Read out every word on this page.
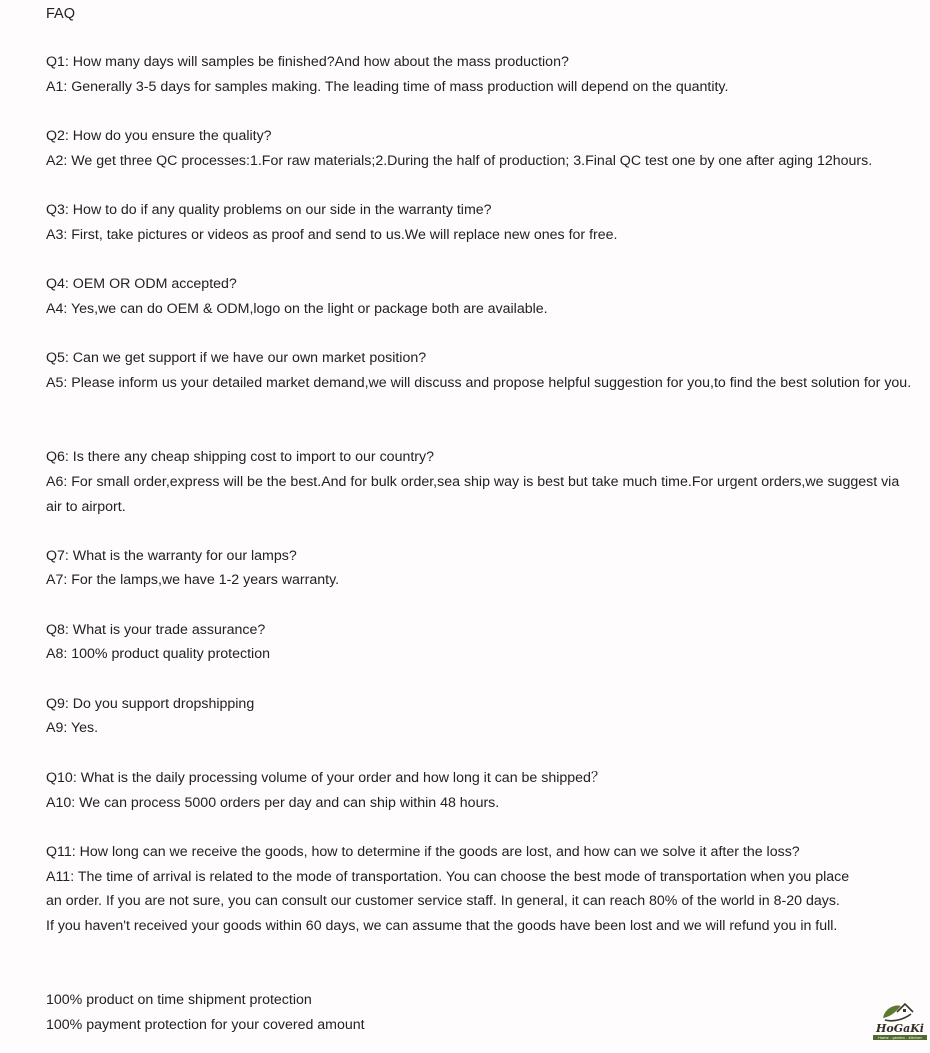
FAQ
Q1: How many days will samples be finished?And how about the mass production?
A1: Generally 3-5 days for samples making. The leading time of mass production will depend on the quantity.
Q2: How do you ensure the quality?
A2: We get three QC processes:1.For raw materials;2.During the half of production; 3.Final QC test one by one after aging 12hours.
Q3: How to do if any quality problems on our side in the warranty time?
A3: First, take pictures or videos as proof and send to us.We will replace new ones for free.
Q4: OEM OR ODM accepted?
A4: Yes,we can do OEM & ODM,logo on the light or package both are available.
Q5: Can we get support if we have our own market position?
A5: Please inform us your detailed market demand,we will discuss and propose helpful suggestion for you,to find the best solution for you.
Q6: Is there any cheap shipping cost to import to our country?
A6: For small order,express will be the best.And for bulk order,sea ship way is best but take much time.For urgent orders,we suggest via air to airport.
Q7: What is the warranty for our lamps?
A7: For the lamps,we have 1-2 years warranty.
Q8: What is your trade assurance?
A8: 100% product quality protection
Q9: Do you support dropshipping
A9: Yes.
Q10: What is the daily processing volume of your order and how long it can be shipped？
A10: We can process 5000 orders per day and can ship within 48 hours.
Q11: How long can we receive the goods, how to determine if the goods are lost, and how can we solve it after the loss?
A11: The time of arrival is related to the mode of transportation. You can choose the best mode of transportation when you place
an order. If you are not sure, you can consult our customer service staff. In general, it can reach 80% of the world in 8-20 days.
If you haven't received your goods within 60 days, we can assume that the goods have been lost and we will refund you in full.
100% product on time shipment protection
100% payment protection for your covered amount	HoGaKi
Home - garden - kitchen
